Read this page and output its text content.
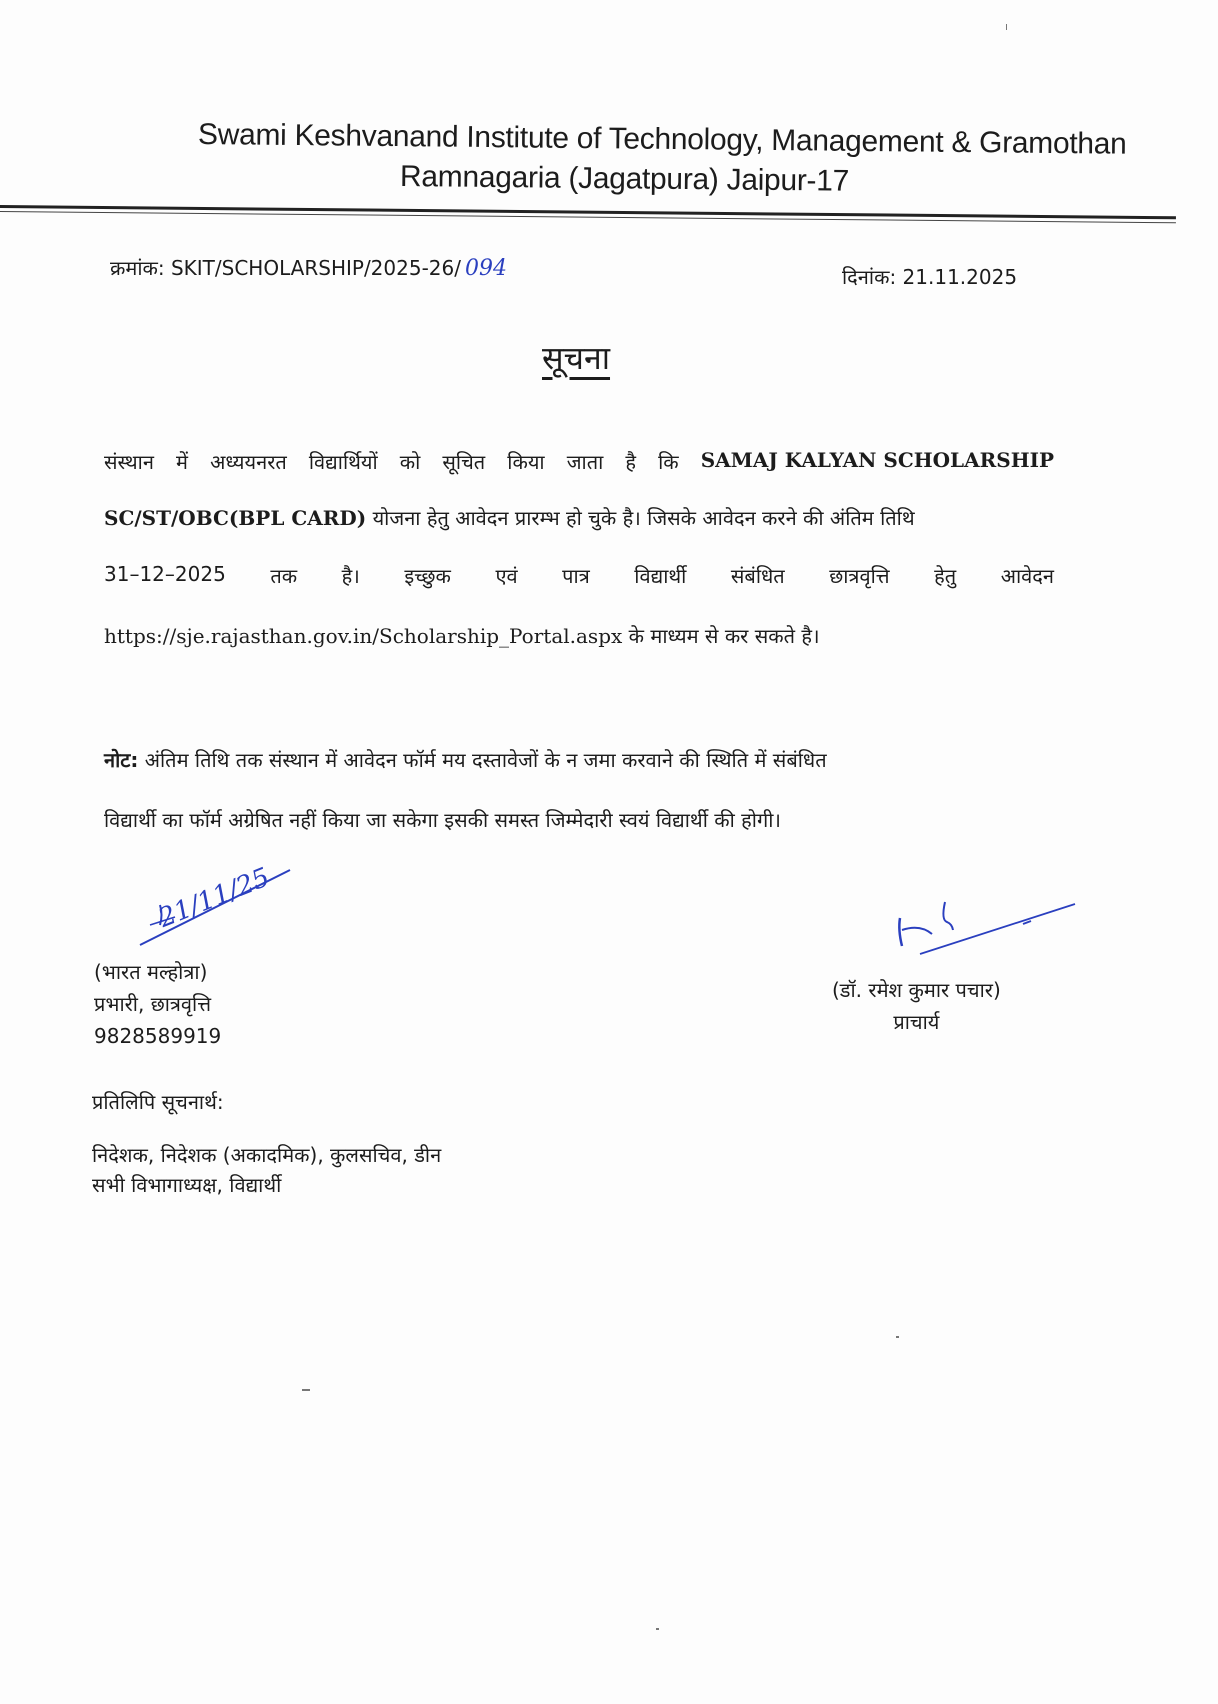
Swami Keshvanand Institute of Technology, Management & Gramothan
Ramnagaria (Jagatpura) Jaipur-17
क्रमांक: SKIT/SCHOLARSHIP/2025-26/ 094	दिनांक: 21.11.2025
सूचना
संस्थान में अध्ययनरत विद्यार्थियों को सूचित किया जाता है कि SAMAJ KALYAN SCHOLARSHIP
SC/ST/OBC(BPL CARD) योजना हेतु आवेदन प्रारम्भ हो चुके है। जिसके आवेदन करने की अंतिम तिथि
31–12–2025 तक है। इच्छुक एवं पात्र विद्यार्थी संबंधित छात्रवृत्ति हेतु आवेदन
https://sje.rajasthan.gov.in/Scholarship_Portal.aspx के माध्यम से कर सकते है।
नोट: अंतिम तिथि तक संस्थान में आवेदन फॉर्म मय दस्तावेजों के न जमा करवाने की स्थिति में संबंधित
विद्यार्थी का फॉर्म अग्रेषित नहीं किया जा सकेगा इसकी समस्त जिम्मेदारी स्वयं विद्यार्थी की होगी।
21/11/25
(भारत मल्होत्रा)
प्रभारी, छात्रवृत्ति
9828589919
(डॉ. रमेश कुमार पचार)
प्राचार्य
प्रतिलिपि सूचनार्थ:
निदेशक, निदेशक (अकादमिक), कुलसचिव, डीन
सभी विभागाध्यक्ष, विद्यार्थी
